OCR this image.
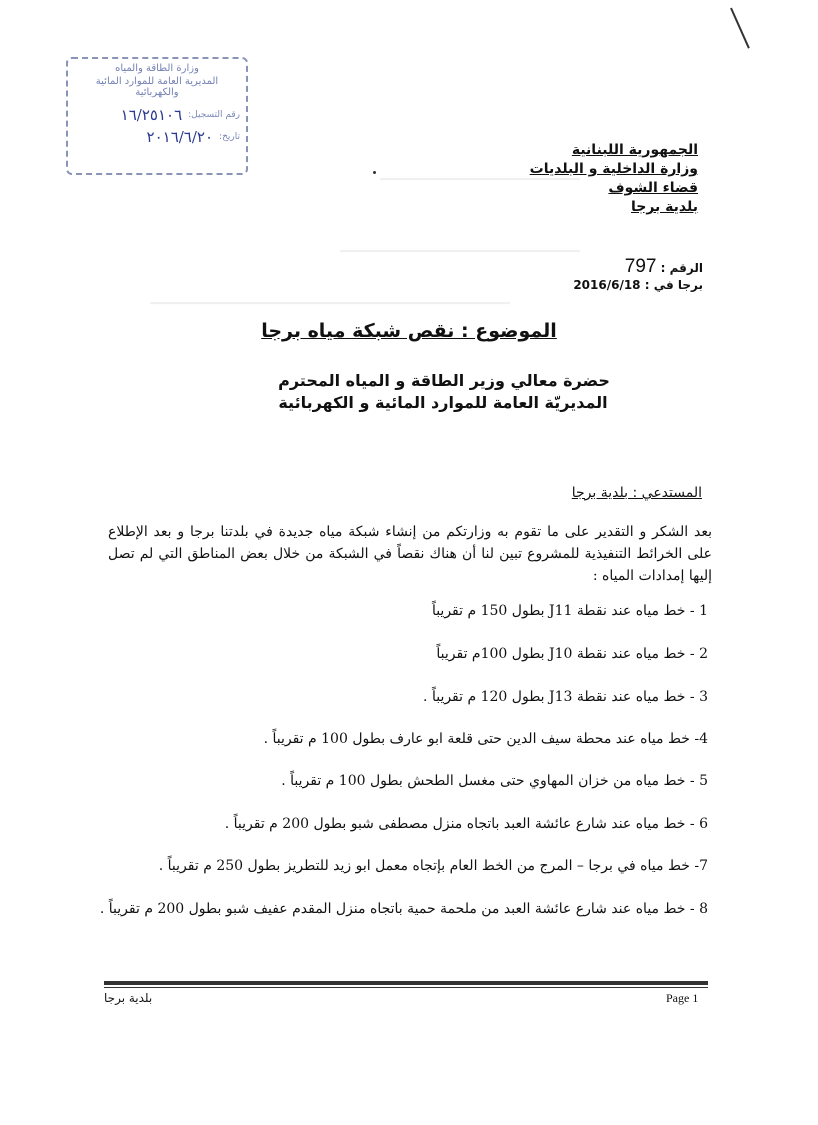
▁▁▁▁▁▁▁▁▁▁▁▁▁▁▁▁▁▁▁▁
▁▁▁▁▁▁▁▁▁▁▁▁▁▁▁▁▁▁▁▁▁▁▁▁
▁▁▁▁▁▁▁▁▁▁▁▁▁▁▁▁▁▁▁▁▁▁▁▁▁▁▁▁▁▁▁▁▁▁▁▁
وزارة الطاقة والمياه
المديرية العامة للموارد المائية والكهربائية
رقم التسجيل:
١٦/٢٥١٠٦
تاريخ:
٢٠١٦/٦/٢٠
الجمهورية اللبنانية
وزارة الداخلية و البلديات
قضاء الشوف
بلدية برجا
الرقم : 797
برجا في : 2016/6/18
الموضوع : نقص شبكة مياه برجا
حضرة معالي وزير الطاقة و المياه المحترم
المديريّة العامة للموارد المائية و الكهربائية
المستدعي : بلدية برجا
بعد الشكر و التقدير على ما تقوم به وزارتكم من إنشاء شبكة مياه جديدة في بلدتنا برجا و بعد الإطلاع على الخرائط التنفيذية للمشروع تبين لنا أن هناك نقصاً في الشبكة من خلال بعض المناطق التي لم تصل إليها إمدادات المياه :
1 - خط مياه عند نقطة J11 بطول 150 م تقريباً
2 - خط مياه عند نقطة J10 بطول 100م تقريباً
3 - خط مياه عند نقطة J13 بطول 120 م تقريباً .
4- خط مياه عند محطة سيف الدين حتى قلعة ابو عارف بطول 100 م تقريباً .
5 - خط مياه من خزان المهاوي حتى مغسل الطحش بطول 100 م تقريباً .
6 - خط مياه عند شارع عائشة العبد باتجاه منزل مصطفى شبو بطول 200 م تقريباً .
7- خط مياه في برجا – المرج من الخط العام بإتجاه معمل ابو زيد للتطريز بطول 250 م تقريباً .
8 - خط مياه عند شارع عائشة العبد من ملحمة حمية باتجاه منزل المقدم عفيف شبو بطول 200 م تقريباً .
Page 1
بلدية برجا
